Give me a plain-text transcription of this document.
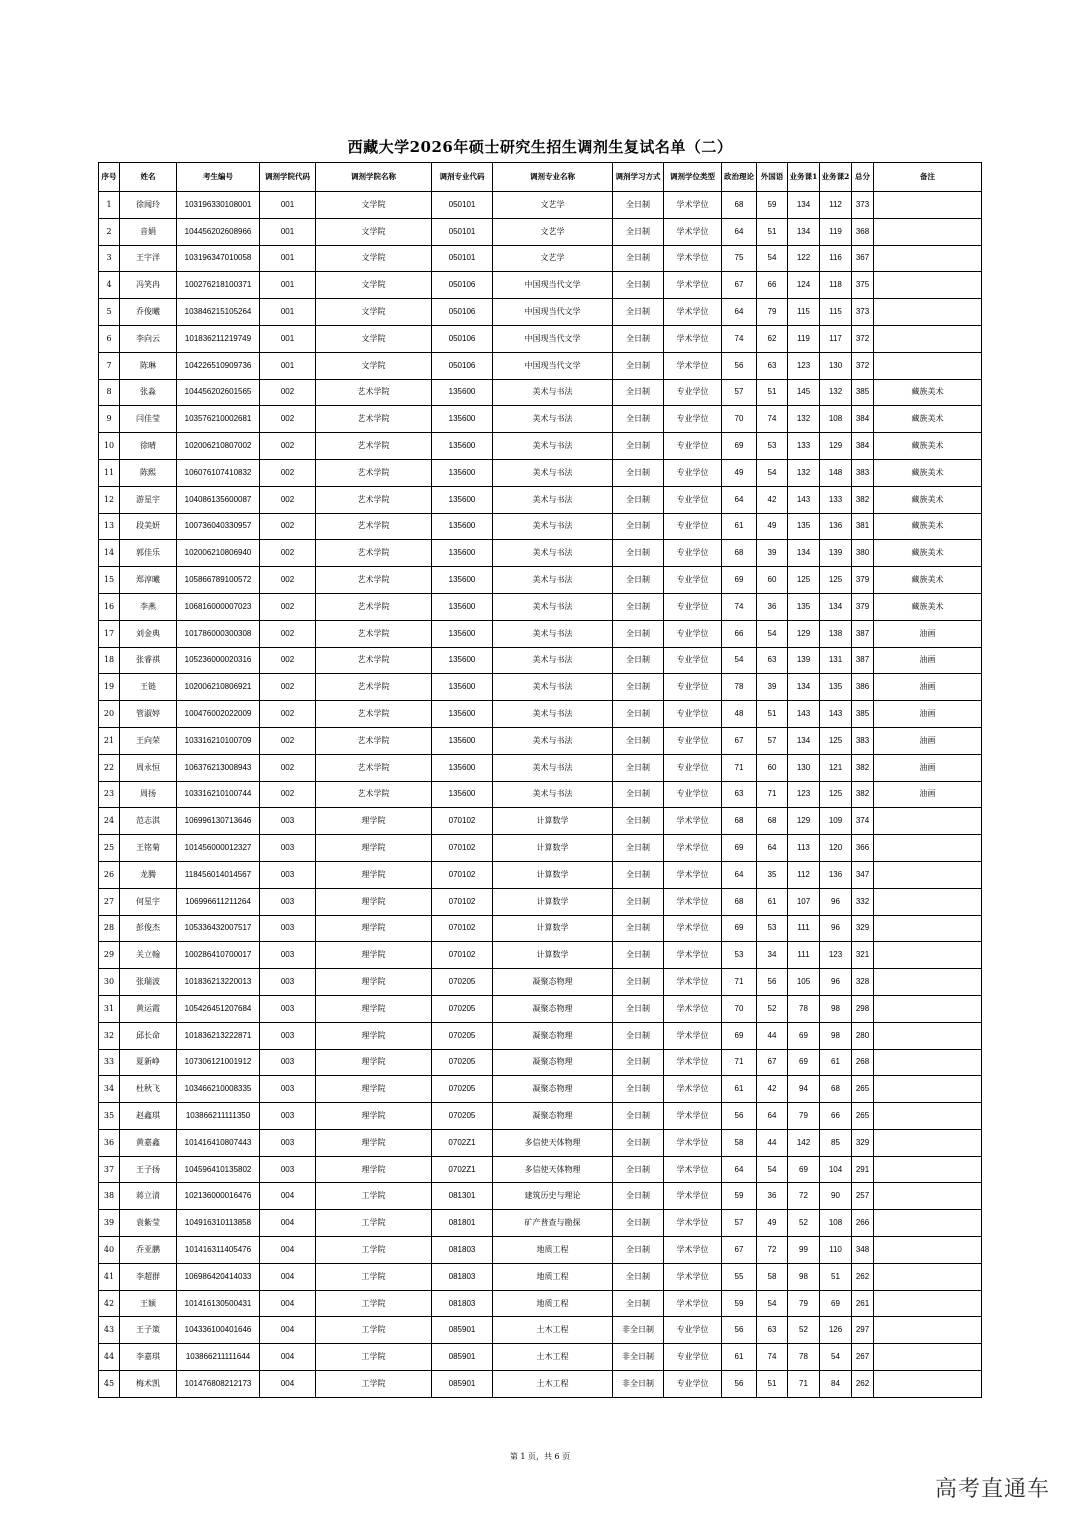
西藏大学2026年硕士研究生招生调剂生复试名单（二）
序号	姓名	考生编号	调剂学院代码	调剂学院名称	调剂专业代码	调剂专业名称	调剂学习方式	调剂学位类型	政治理论	外国语	业务课1	业务课2	总分	备注
1	徐闻玲	103196330108001	001	文学院	050101	文艺学	全日制	学术学位	68	59	134	112	373	
2	音娟	104456202608966	001	文学院	050101	文艺学	全日制	学术学位	64	51	134	119	368	
3	王宇洋	103196347010058	001	文学院	050101	文艺学	全日制	学术学位	75	54	122	116	367	
4	冯笑冉	100276218100371	001	文学院	050106	中国现当代文学	全日制	学术学位	67	66	124	118	375	
5	乔俊曦	103846215105264	001	文学院	050106	中国现当代文学	全日制	学术学位	64	79	115	115	373	
6	李向云	101836211219749	001	文学院	050106	中国现当代文学	全日制	学术学位	74	62	119	117	372	
7	陈琳	104226510909736	001	文学院	050106	中国现当代文学	全日制	学术学位	56	63	123	130	372	
8	张淼	104456202601565	002	艺术学院	135600	美术与书法	全日制	专业学位	57	51	145	132	385	藏族美术
9	闫佳莹	103576210002681	002	艺术学院	135600	美术与书法	全日制	专业学位	70	74	132	108	384	藏族美术
10	徐晴	102006210807002	002	艺术学院	135600	美术与书法	全日制	专业学位	69	53	133	129	384	藏族美术
11	陈熙	106076107410832	002	艺术学院	135600	美术与书法	全日制	专业学位	49	54	132	148	383	藏族美术
12	游星宇	104086135600087	002	艺术学院	135600	美术与书法	全日制	专业学位	64	42	143	133	382	藏族美术
13	段美妍	100736040330957	002	艺术学院	135600	美术与书法	全日制	专业学位	61	49	135	136	381	藏族美术
14	郭佳乐	102006210806940	002	艺术学院	135600	美术与书法	全日制	专业学位	68	39	134	139	380	藏族美术
15	郑淳曦	105866789100572	002	艺术学院	135600	美术与书法	全日制	专业学位	69	60	125	125	379	藏族美术
16	李燕	106816000007023	002	艺术学院	135600	美术与书法	全日制	专业学位	74	36	135	134	379	藏族美术
17	刘金典	101786000300308	002	艺术学院	135600	美术与书法	全日制	专业学位	66	54	129	138	387	油画
18	张睿祺	105236000020316	002	艺术学院	135600	美术与书法	全日制	专业学位	54	63	139	131	387	油画
19	王链	102006210806921	002	艺术学院	135600	美术与书法	全日制	专业学位	78	39	134	135	386	油画
20	管淑婷	100476002022009	002	艺术学院	135600	美术与书法	全日制	专业学位	48	51	143	143	385	油画
21	王向荣	103316210100709	002	艺术学院	135600	美术与书法	全日制	专业学位	67	57	134	125	383	油画
22	周永恒	106376213008943	002	艺术学院	135600	美术与书法	全日制	专业学位	71	60	130	121	382	油画
23	周扬	103316210100744	002	艺术学院	135600	美术与书法	全日制	专业学位	63	71	123	125	382	油画
24	范志淇	106996130713646	003	理学院	070102	计算数学	全日制	学术学位	68	68	129	109	374	
25	王铭菊	101456000012327	003	理学院	070102	计算数学	全日制	学术学位	69	64	113	120	366	
26	龙腾	118456014014567	003	理学院	070102	计算数学	全日制	学术学位	64	35	112	136	347	
27	何星宇	106996611211264	003	理学院	070102	计算数学	全日制	学术学位	68	61	107	96	332	
28	彭俊杰	105336432007517	003	理学院	070102	计算数学	全日制	学术学位	69	53	111	96	329	
29	关立翰	100286410700017	003	理学院	070102	计算数学	全日制	学术学位	53	34	111	123	321	
30	张瑞波	101836213220013	003	理学院	070205	凝聚态物理	全日制	学术学位	71	56	105	96	328	
31	黄运霞	105426451207684	003	理学院	070205	凝聚态物理	全日制	学术学位	70	52	78	98	298	
32	邱长命	101836213222871	003	理学院	070205	凝聚态物理	全日制	学术学位	69	44	69	98	280	
33	夏新峥	107306121001912	003	理学院	070205	凝聚态物理	全日制	学术学位	71	67	69	61	268	
34	杜秋飞	103466210008335	003	理学院	070205	凝聚态物理	全日制	学术学位	61	42	94	68	265	
35	赵鑫琪	103866211111350	003	理学院	070205	凝聚态物理	全日制	学术学位	56	64	79	66	265	
36	黄嘉鑫	101416410807443	003	理学院	0702Z1	多信使天体物理	全日制	学术学位	58	44	142	85	329	
37	王子扬	104596410135802	003	理学院	0702Z1	多信使天体物理	全日制	学术学位	64	54	69	104	291	
38	蒋立清	102136000016476	004	工学院	081301	建筑历史与理论	全日制	学术学位	59	36	72	90	257	
39	袁紫莹	104916310113858	004	工学院	081801	矿产普查与勘探	全日制	学术学位	57	49	52	108	266	
40	乔亚鹏	101416311405476	004	工学院	081803	地质工程	全日制	学术学位	67	72	99	110	348	
41	李超群	106986420414033	004	工学院	081803	地质工程	全日制	学术学位	55	58	98	51	262	
42	王颖	101416130500431	004	工学院	081803	地质工程	全日制	学术学位	59	54	79	69	261	
43	王子策	104336100401646	004	工学院	085901	土木工程	非全日制	专业学位	56	63	52	126	297	
44	李嘉琪	103866211111644	004	工学院	085901	土木工程	非全日制	专业学位	61	74	78	54	267	
45	梅术凯	101476808212173	004	工学院	085901	土木工程	非全日制	专业学位	56	51	71	84	262	
第 1 页，共 6 页
高考直通车
